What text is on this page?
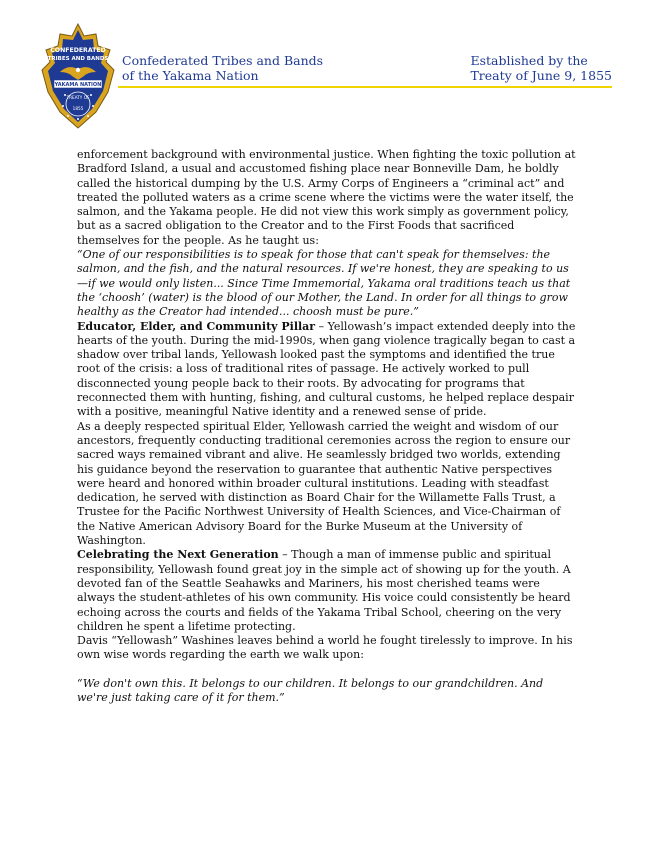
CONFEDERATED
TRIBES AND BANDS
YAKAMA NATION
TREATY OF
1855
Confederated Tribes and Bands
of the Yakama Nation
Established by the
Treaty of June 9, 1855

enforcement background with environmental justice. When fighting the toxic pollution at Bradford Island, a usual and accustomed fishing place near Bonneville Dam, he boldly called the historical dumping by the U.S. Army Corps of Engineers a “criminal act” and treated the polluted waters as a crime scene where the victims were the water itself, the salmon, and the Yakama people. He did not view this work simply as government policy, but as a sacred obligation to the Creator and to the First Foods that sacrificed themselves for the people. As he taught us:

“One of our responsibilities is to speak for those that can't speak for themselves: the salmon, and the fish, and the natural resources. If we're honest, they are speaking to us—if we would only listen... Since Time Immemorial, Yakama oral traditions teach us that the ‘choosh’ (water) is the blood of our Mother, the Land. In order for all things to grow healthy as the Creator had intended... choosh must be pure.”

Educator, Elder, and Community Pillar – Yellowash’s impact extended deeply into the hearts of the youth. During the mid-1990s, when gang violence tragically began to cast a shadow over tribal lands, Yellowash looked past the symptoms and identified the true root of the crisis: a loss of traditional rites of passage. He actively worked to pull disconnected young people back to their roots. By advocating for programs that reconnected them with hunting, fishing, and cultural customs, he helped replace despair with a positive, meaningful Native identity and a renewed sense of pride.

As a deeply respected spiritual Elder, Yellowash carried the weight and wisdom of our ancestors, frequently conducting traditional ceremonies across the region to ensure our sacred ways remained vibrant and alive. He seamlessly bridged two worlds, extending his guidance beyond the reservation to guarantee that authentic Native perspectives were heard and honored within broader cultural institutions. Leading with steadfast dedication, he served with distinction as Board Chair for the Willamette Falls Trust, a Trustee for the Pacific Northwest University of Health Sciences, and Vice-Chairman of the Native American Advisory Board for the Burke Museum at the University of Washington.

Celebrating the Next Generation – Though a man of immense public and spiritual responsibility, Yellowash found great joy in the simple act of showing up for the youth. A devoted fan of the Seattle Seahawks and Mariners, his most cherished teams were always the student-athletes of his own community. His voice could consistently be heard echoing across the courts and fields of the Yakama Tribal School, cheering on the very children he spent a lifetime protecting.

Davis “Yellowash” Washines leaves behind a world he fought tirelessly to improve. In his own wise words regarding the earth we walk upon:

“We don't own this. It belongs to our children. It belongs to our grandchildren. And we're just taking care of it for them.”
